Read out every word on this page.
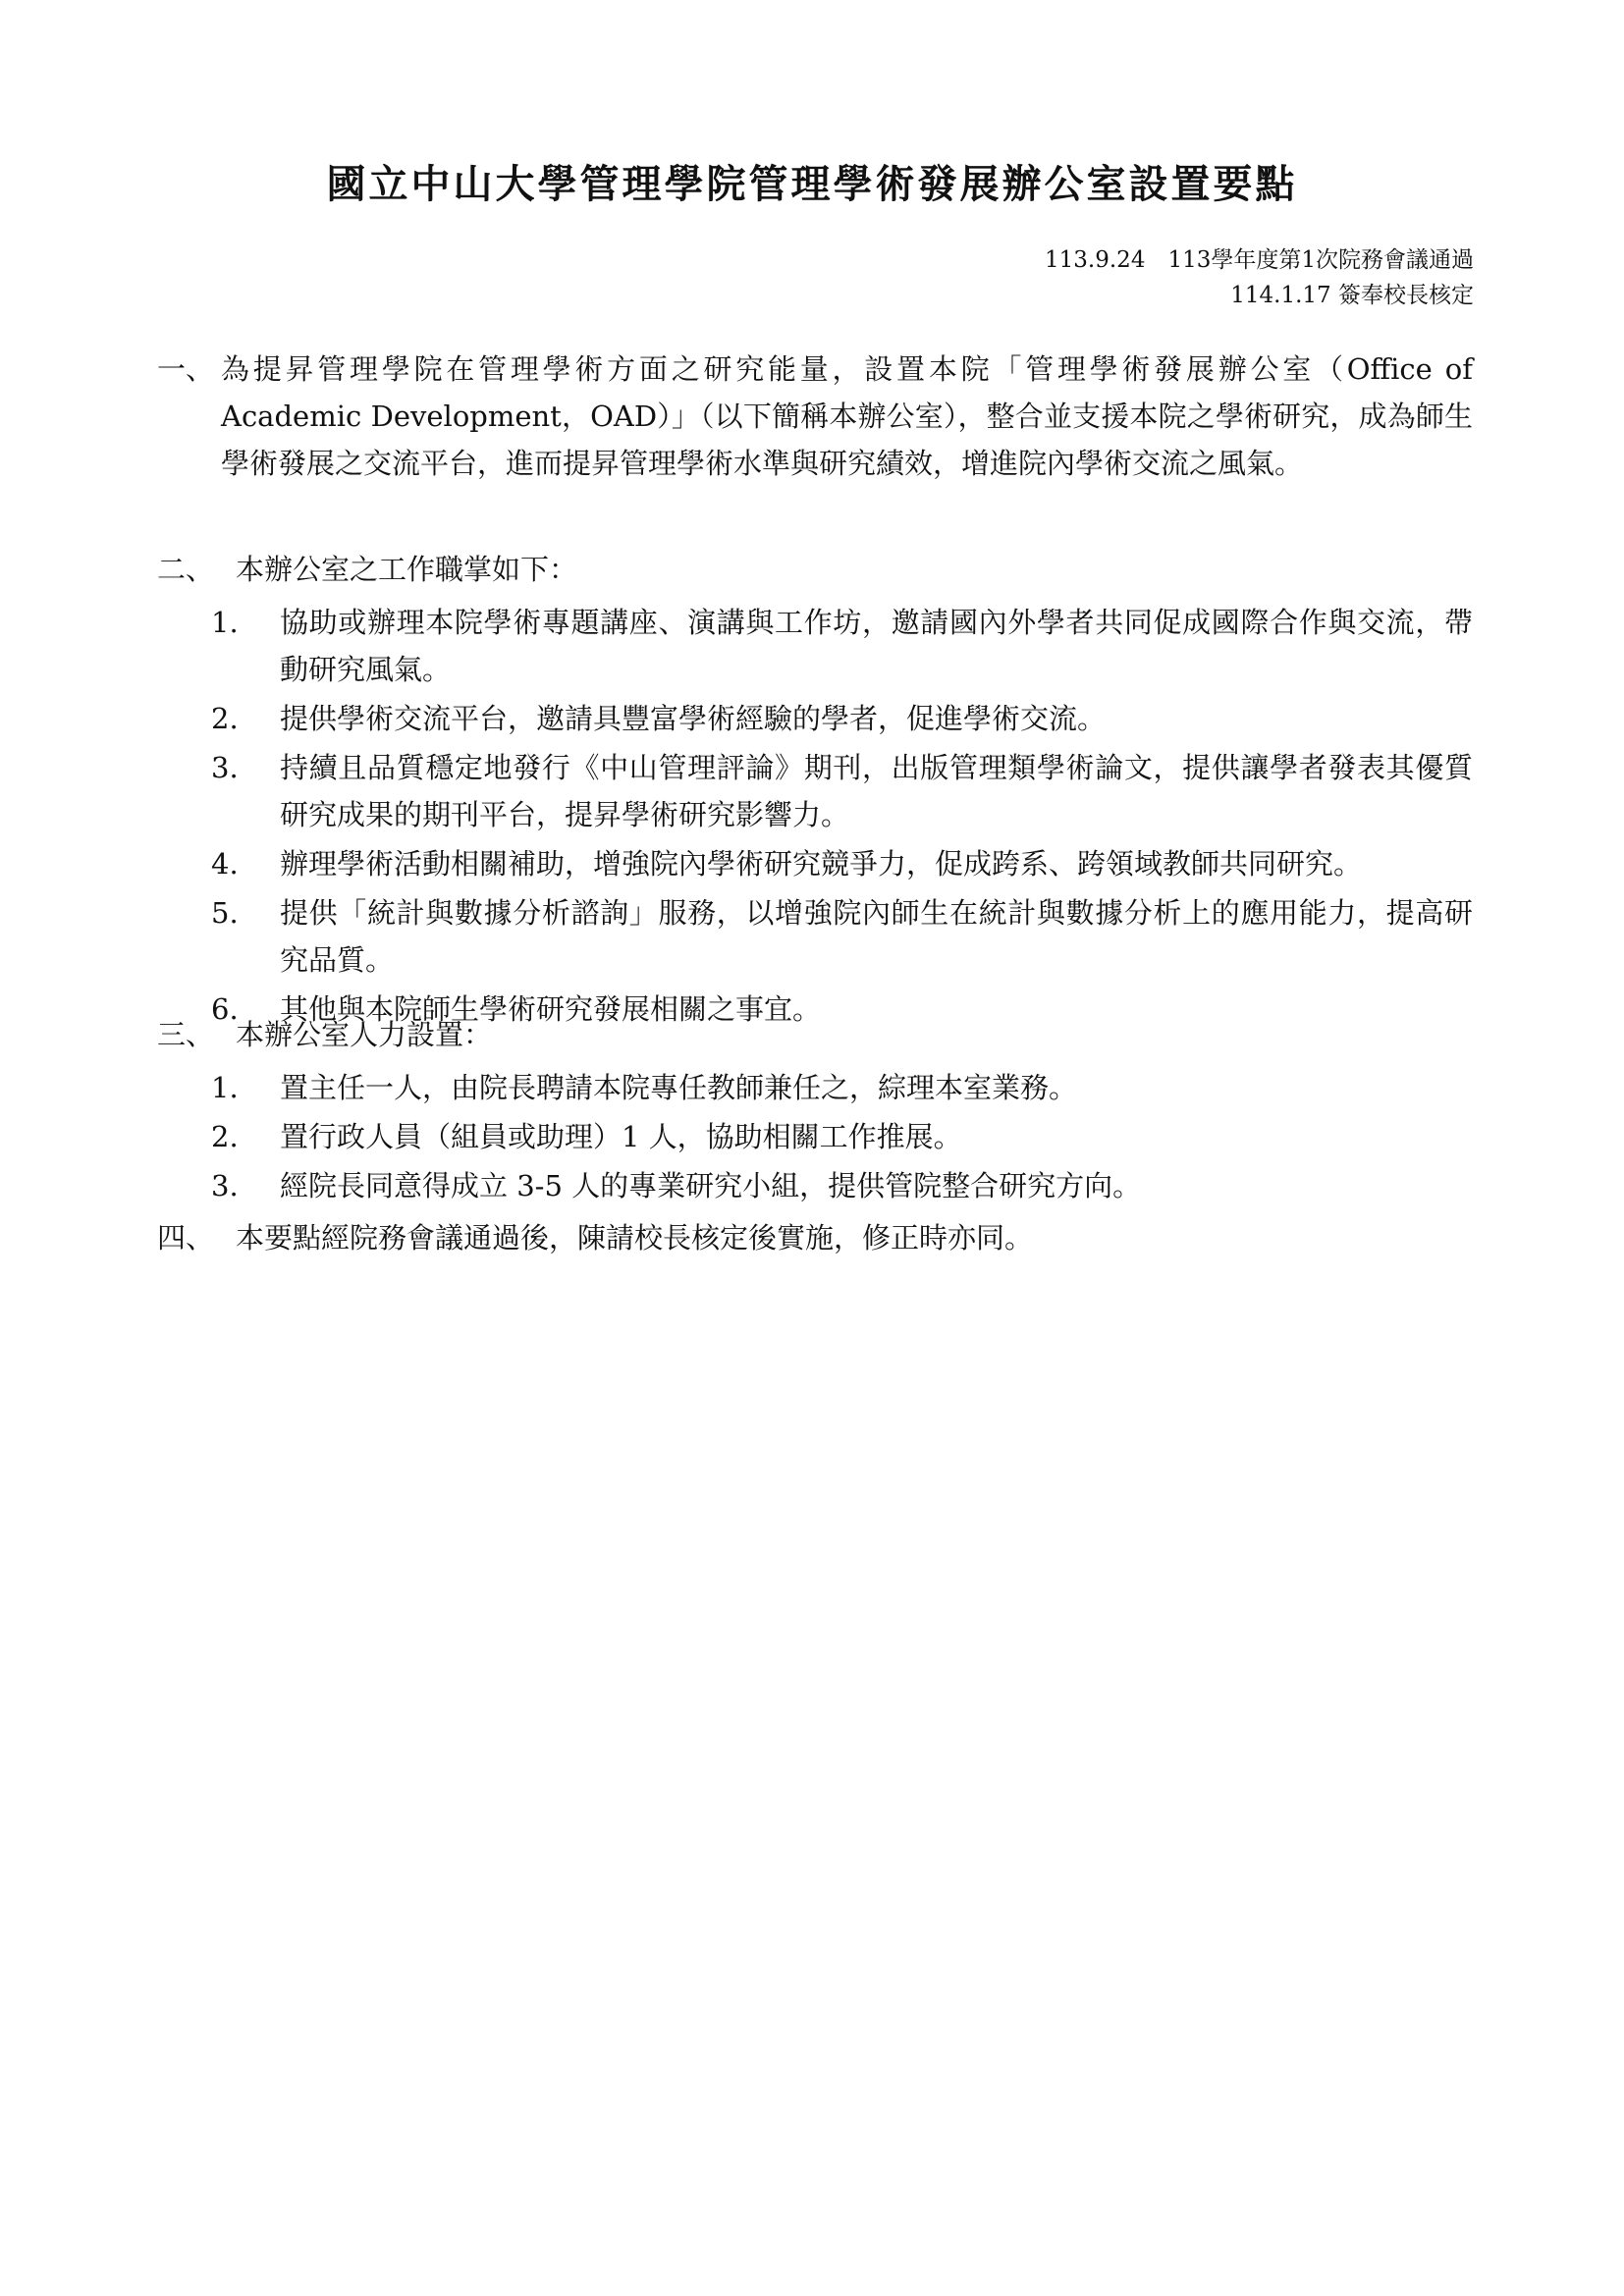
國立中山大學管理學院管理學術發展辦公室設置要點
113.9.24　113學年度第1次院務會議通過
114.1.17 簽奉校長核定
一、 為提昇管理學院在管理學術方面之研究能量，設置本院「管理學術發展辦公室（Office of Academic Development，OAD）」（以下簡稱本辦公室），整合並支援本院之學術研究，成為師生學術發展之交流平台，進而提昇管理學術水準與研究績效，增進院內學術交流之風氣。
二、 本辦公室之工作職掌如下：
1. 協助或辦理本院學術專題講座、演講與工作坊，邀請國內外學者共同促成國際合作與交流，帶動研究風氣。
2. 提供學術交流平台，邀請具豐富學術經驗的學者，促進學術交流。
3. 持續且品質穩定地發行《中山管理評論》期刊，出版管理類學術論文，提供讓學者發表其優質研究成果的期刊平台，提昇學術研究影響力。
4. 辦理學術活動相關補助，增強院內學術研究競爭力，促成跨系、跨領域教師共同研究。
5. 提供「統計與數據分析諮詢」服務，以增強院內師生在統計與數據分析上的應用能力，提高研究品質。
6. 其他與本院師生學術研究發展相關之事宜。
三、 本辦公室人力設置：
1. 置主任一人，由院長聘請本院專任教師兼任之，綜理本室業務。
2. 置行政人員（組員或助理）1 人，協助相關工作推展。
3. 經院長同意得成立 3-5 人的專業研究小組，提供管院整合研究方向。
四、 本要點經院務會議通過後，陳請校長核定後實施，修正時亦同。
